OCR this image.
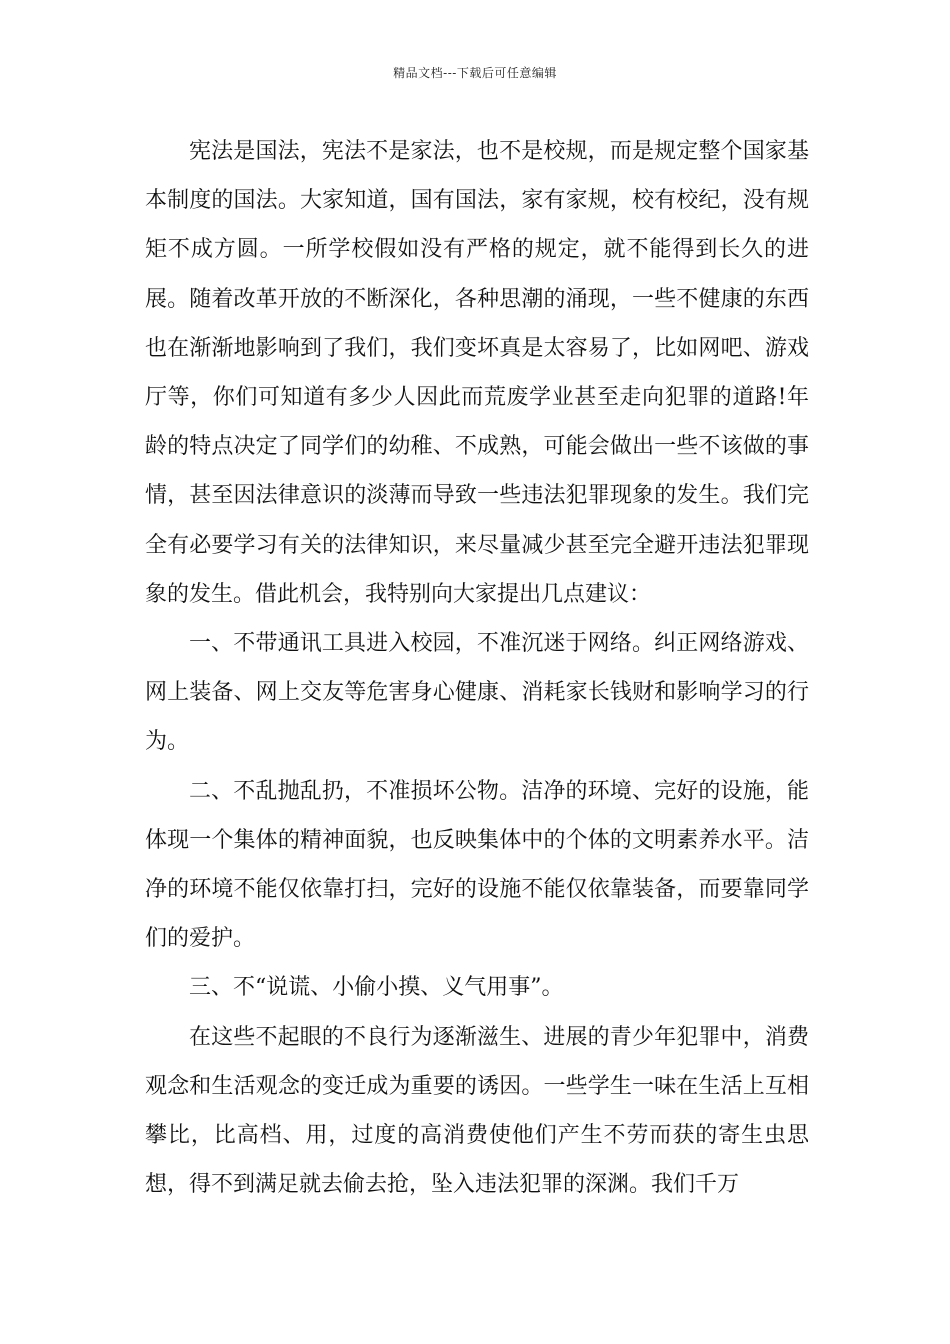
精品文档---下载后可任意编辑

宪法是国法，宪法不是家法，也不是校规，而是规定整个国家基本制度的国法。大家知道，国有国法，家有家规，校有校纪，没有规矩不成方圆。一所学校假如没有严格的规定，就不能得到长久的进展。随着改革开放的不断深化，各种思潮的涌现，一些不健康的东西也在渐渐地影响到了我们，我们变坏真是太容易了，比如网吧、游戏厅等，你们可知道有多少人因此而荒废学业甚至走向犯罪的道路!年龄的特点决定了同学们的幼稚、不成熟，可能会做出一些不该做的事情，甚至因法律意识的淡薄而导致一些违法犯罪现象的发生。我们完全有必要学习有关的法律知识，来尽量减少甚至完全避开违法犯罪现象的发生。借此机会，我特别向大家提出几点建议：

一、不带通讯工具进入校园，不准沉迷于网络。纠正网络游戏、网上装备、网上交友等危害身心健康、消耗家长钱财和影响学习的行为。

二、不乱抛乱扔，不准损坏公物。洁净的环境、完好的设施，能体现一个集体的精神面貌，也反映集体中的个体的文明素养水平。洁净的环境不能仅依靠打扫，完好的设施不能仅依靠装备，而要靠同学们的爱护。

三、不“说谎、小偷小摸、义气用事”。

在这些不起眼的不良行为逐渐滋生、进展的青少年犯罪中，消费观念和生活观念的变迁成为重要的诱因。一些学生一味在生活上互相攀比，比高档、用，过度的高消费使他们产生不劳而获的寄生虫思想，得不到满足就去偷去抢，坠入违法犯罪的深渊。我们千万
